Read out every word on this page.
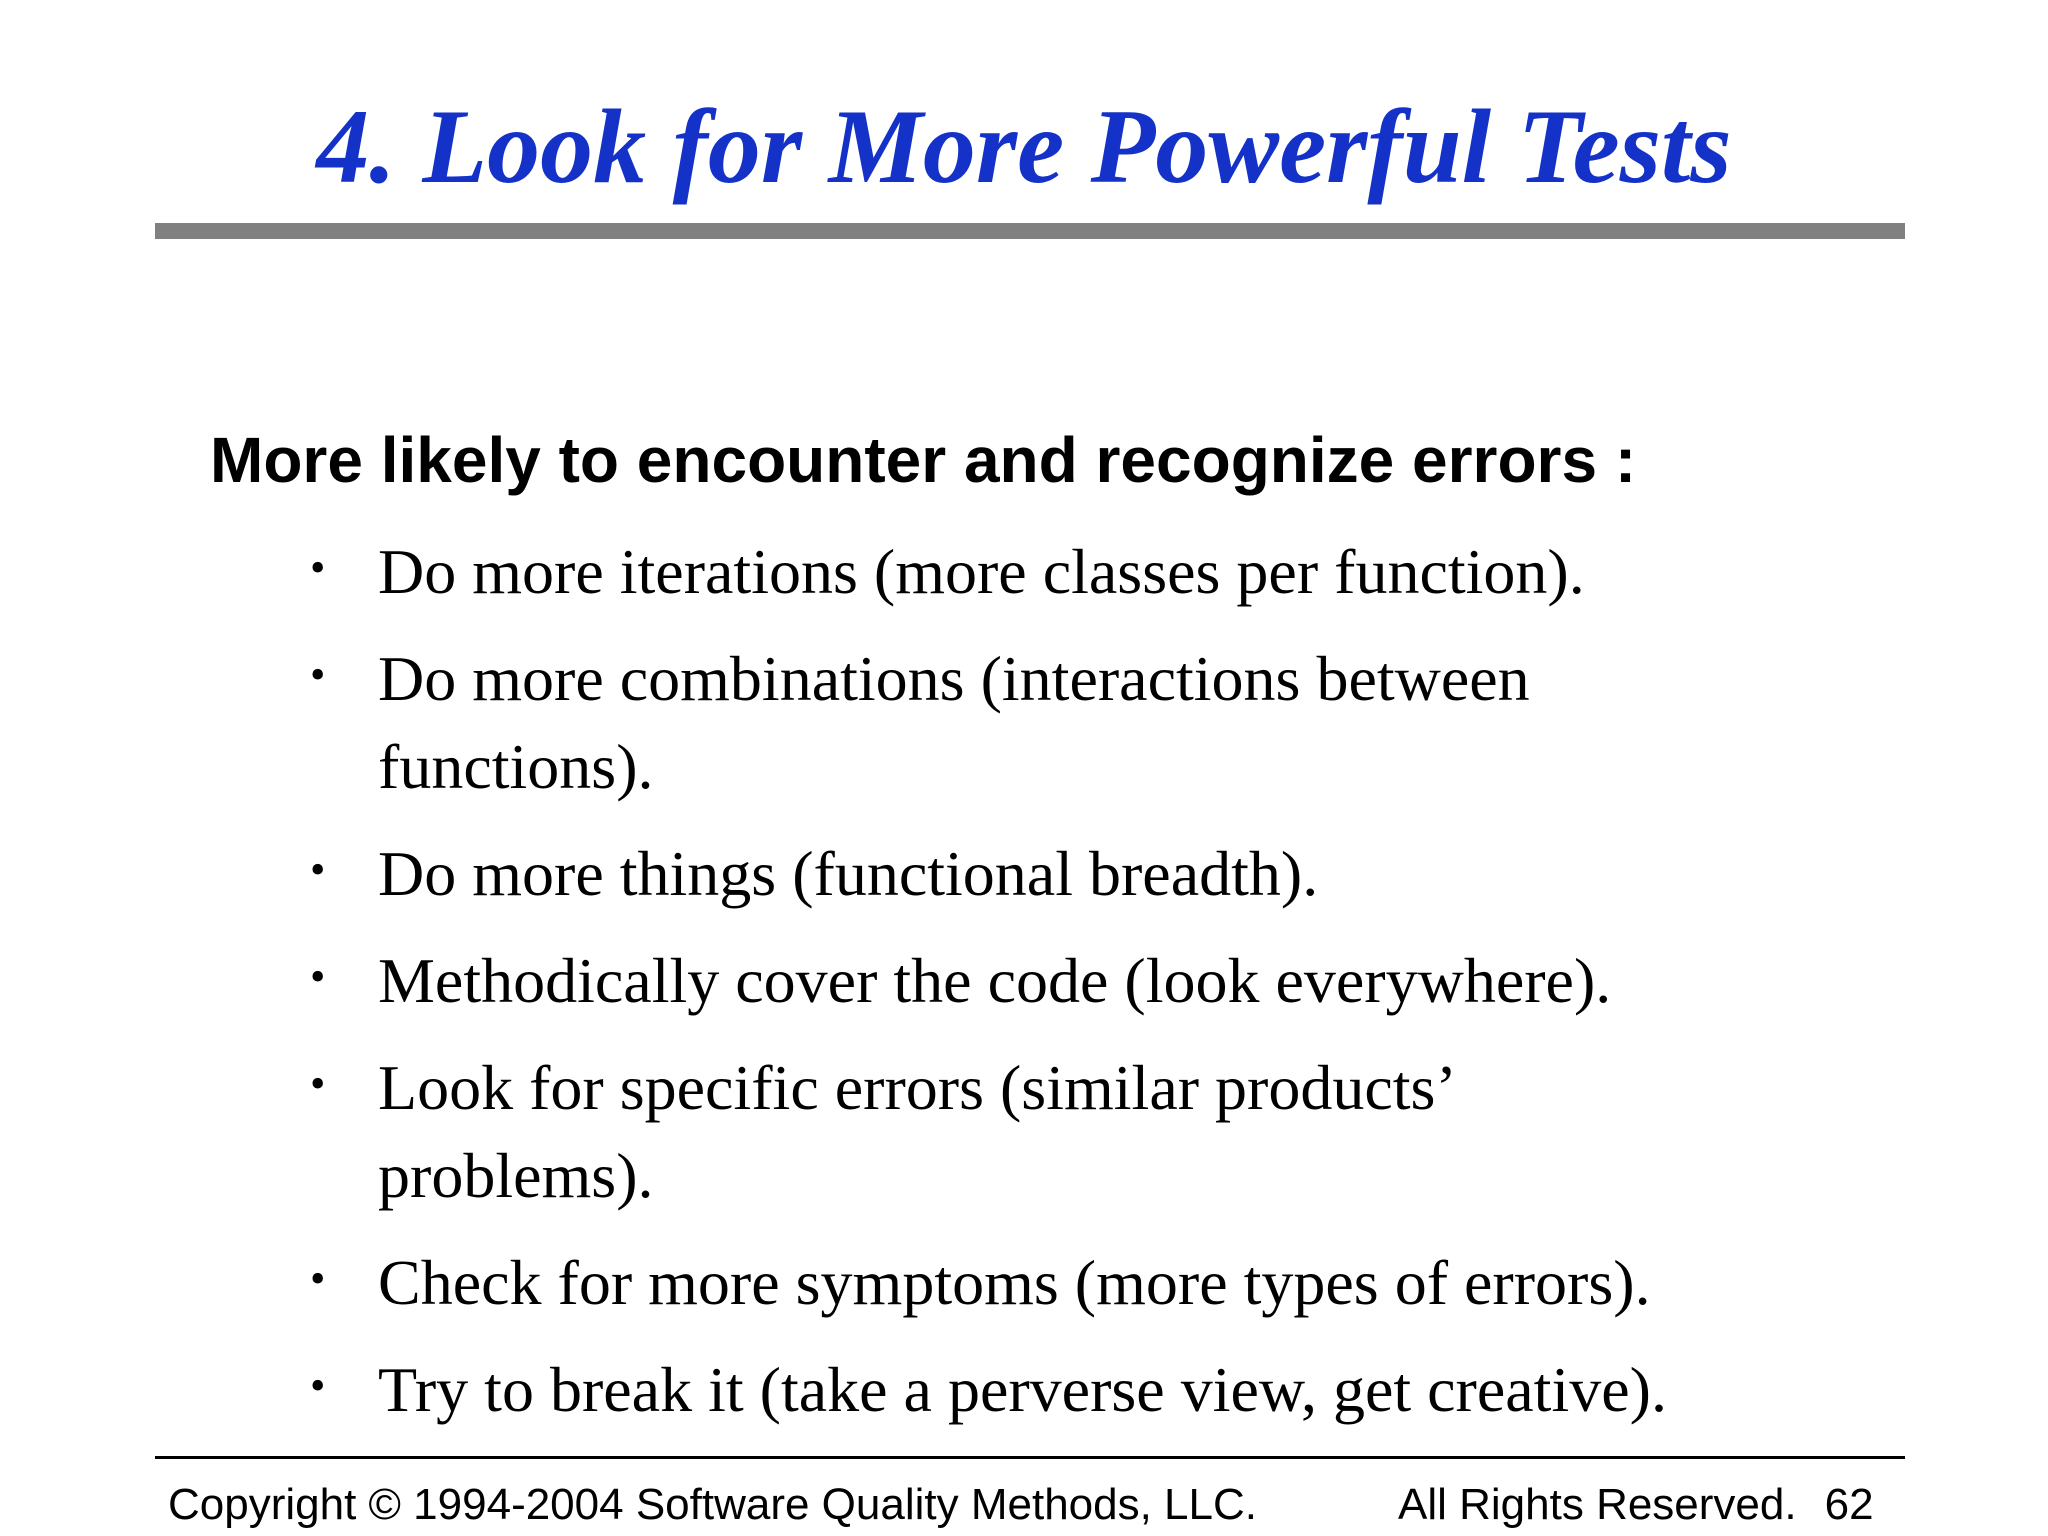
4. Look for More Powerful Tests
More likely to encounter and recognize errors :
• Do more iterations (more classes per function).
• Do more combinations (interactions between functions).
• Do more things (functional breadth).
• Methodically cover the code (look everywhere).
• Look for specific errors (similar products’ problems).
• Check for more symptoms (more types of errors).
• Try to break it (take a perverse view, get creative).
Copyright © 1994-2004 Software Quality Methods, LLC.	All Rights Reserved. 62
